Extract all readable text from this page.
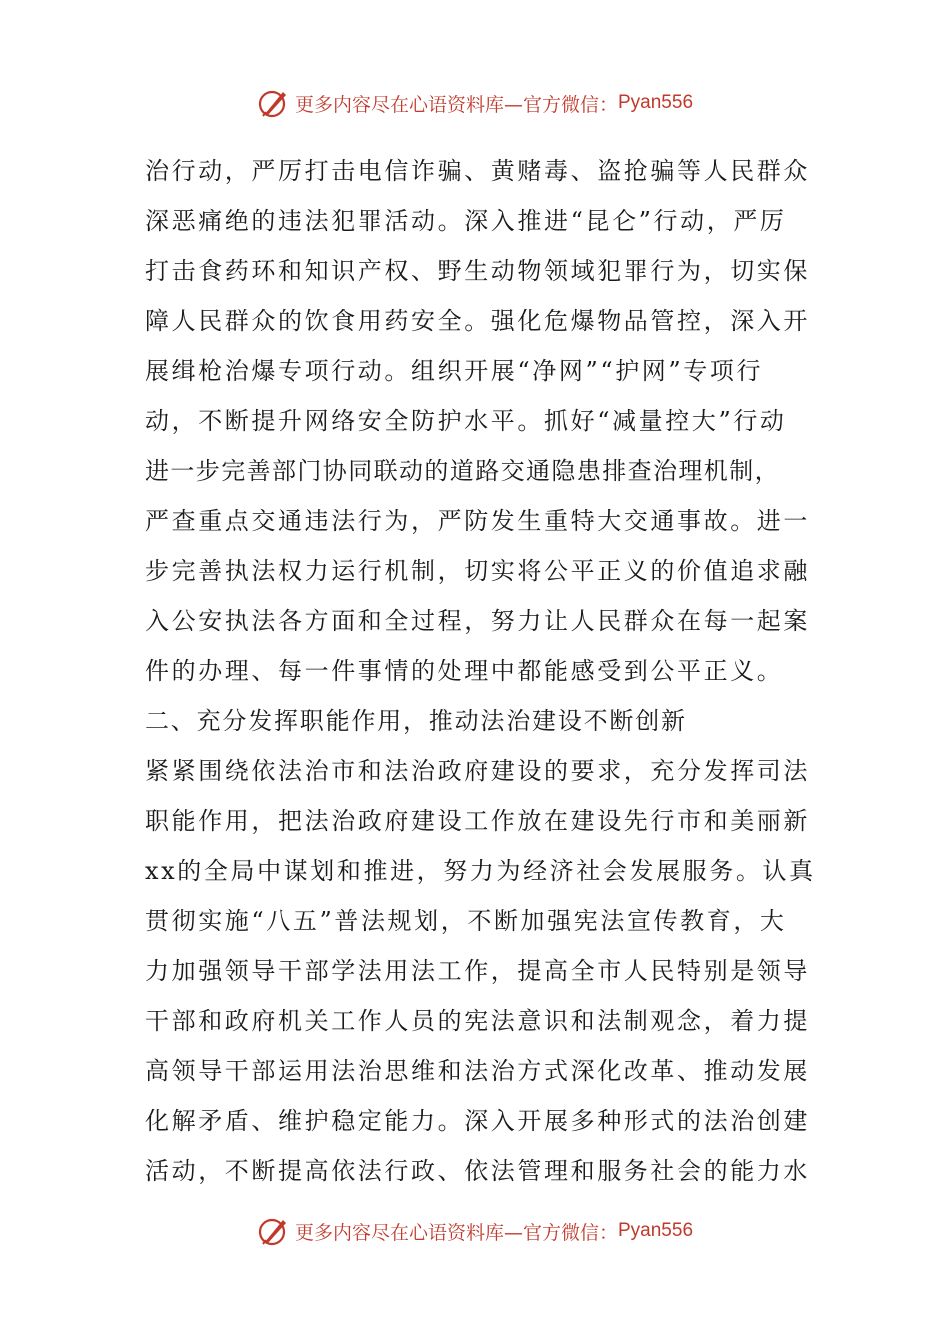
更多内容尽在心语资料库— 官方微信： Pyan556
治行动，严厉打击电信诈骗、黄赌毒、盗抢骗等人民群众
深恶痛绝的违法犯罪活动。深入推进“昆仑”行动，严厉
打击食药环和知识产权、野生动物领域犯罪行为，切实保
障人民群众的饮食用药安全。强化危爆物品管控，深入开
展缉枪治爆专项行动。组织开展“净网”“护网”专项行
动，不断提升网络安全防护水平。抓好“减量控大”行动
进一步完善部门协同联动的道路交通隐患排查治理机制，
严查重点交通违法行为，严防发生重特大交通事故。进一
步完善执法权力运行机制，切实将公平正义的价值追求融
入公安执法各方面和全过程，努力让人民群众在每一起案
件的办理、每一件事情的处理中都能感受到公平正义。
二、充分发挥职能作用，推动法治建设不断创新
紧紧围绕依法治市和法治政府建设的要求，充分发挥司法
职能作用，把法治政府建设工作放在建设先行市和美丽新
xx的全局中谋划和推进，努力为经济社会发展服务。认真
贯彻实施“八五”普法规划，不断加强宪法宣传教育，大
力加强领导干部学法用法工作，提高全市人民特别是领导
干部和政府机关工作人员的宪法意识和法制观念，着力提
高领导干部运用法治思维和法治方式深化改革、推动发展
化解矛盾、维护稳定能力。深入开展多种形式的法治创建
活动，不断提高依法行政、依法管理和服务社会的能力水
更多内容尽在心语资料库— 官方微信： Pyan556
